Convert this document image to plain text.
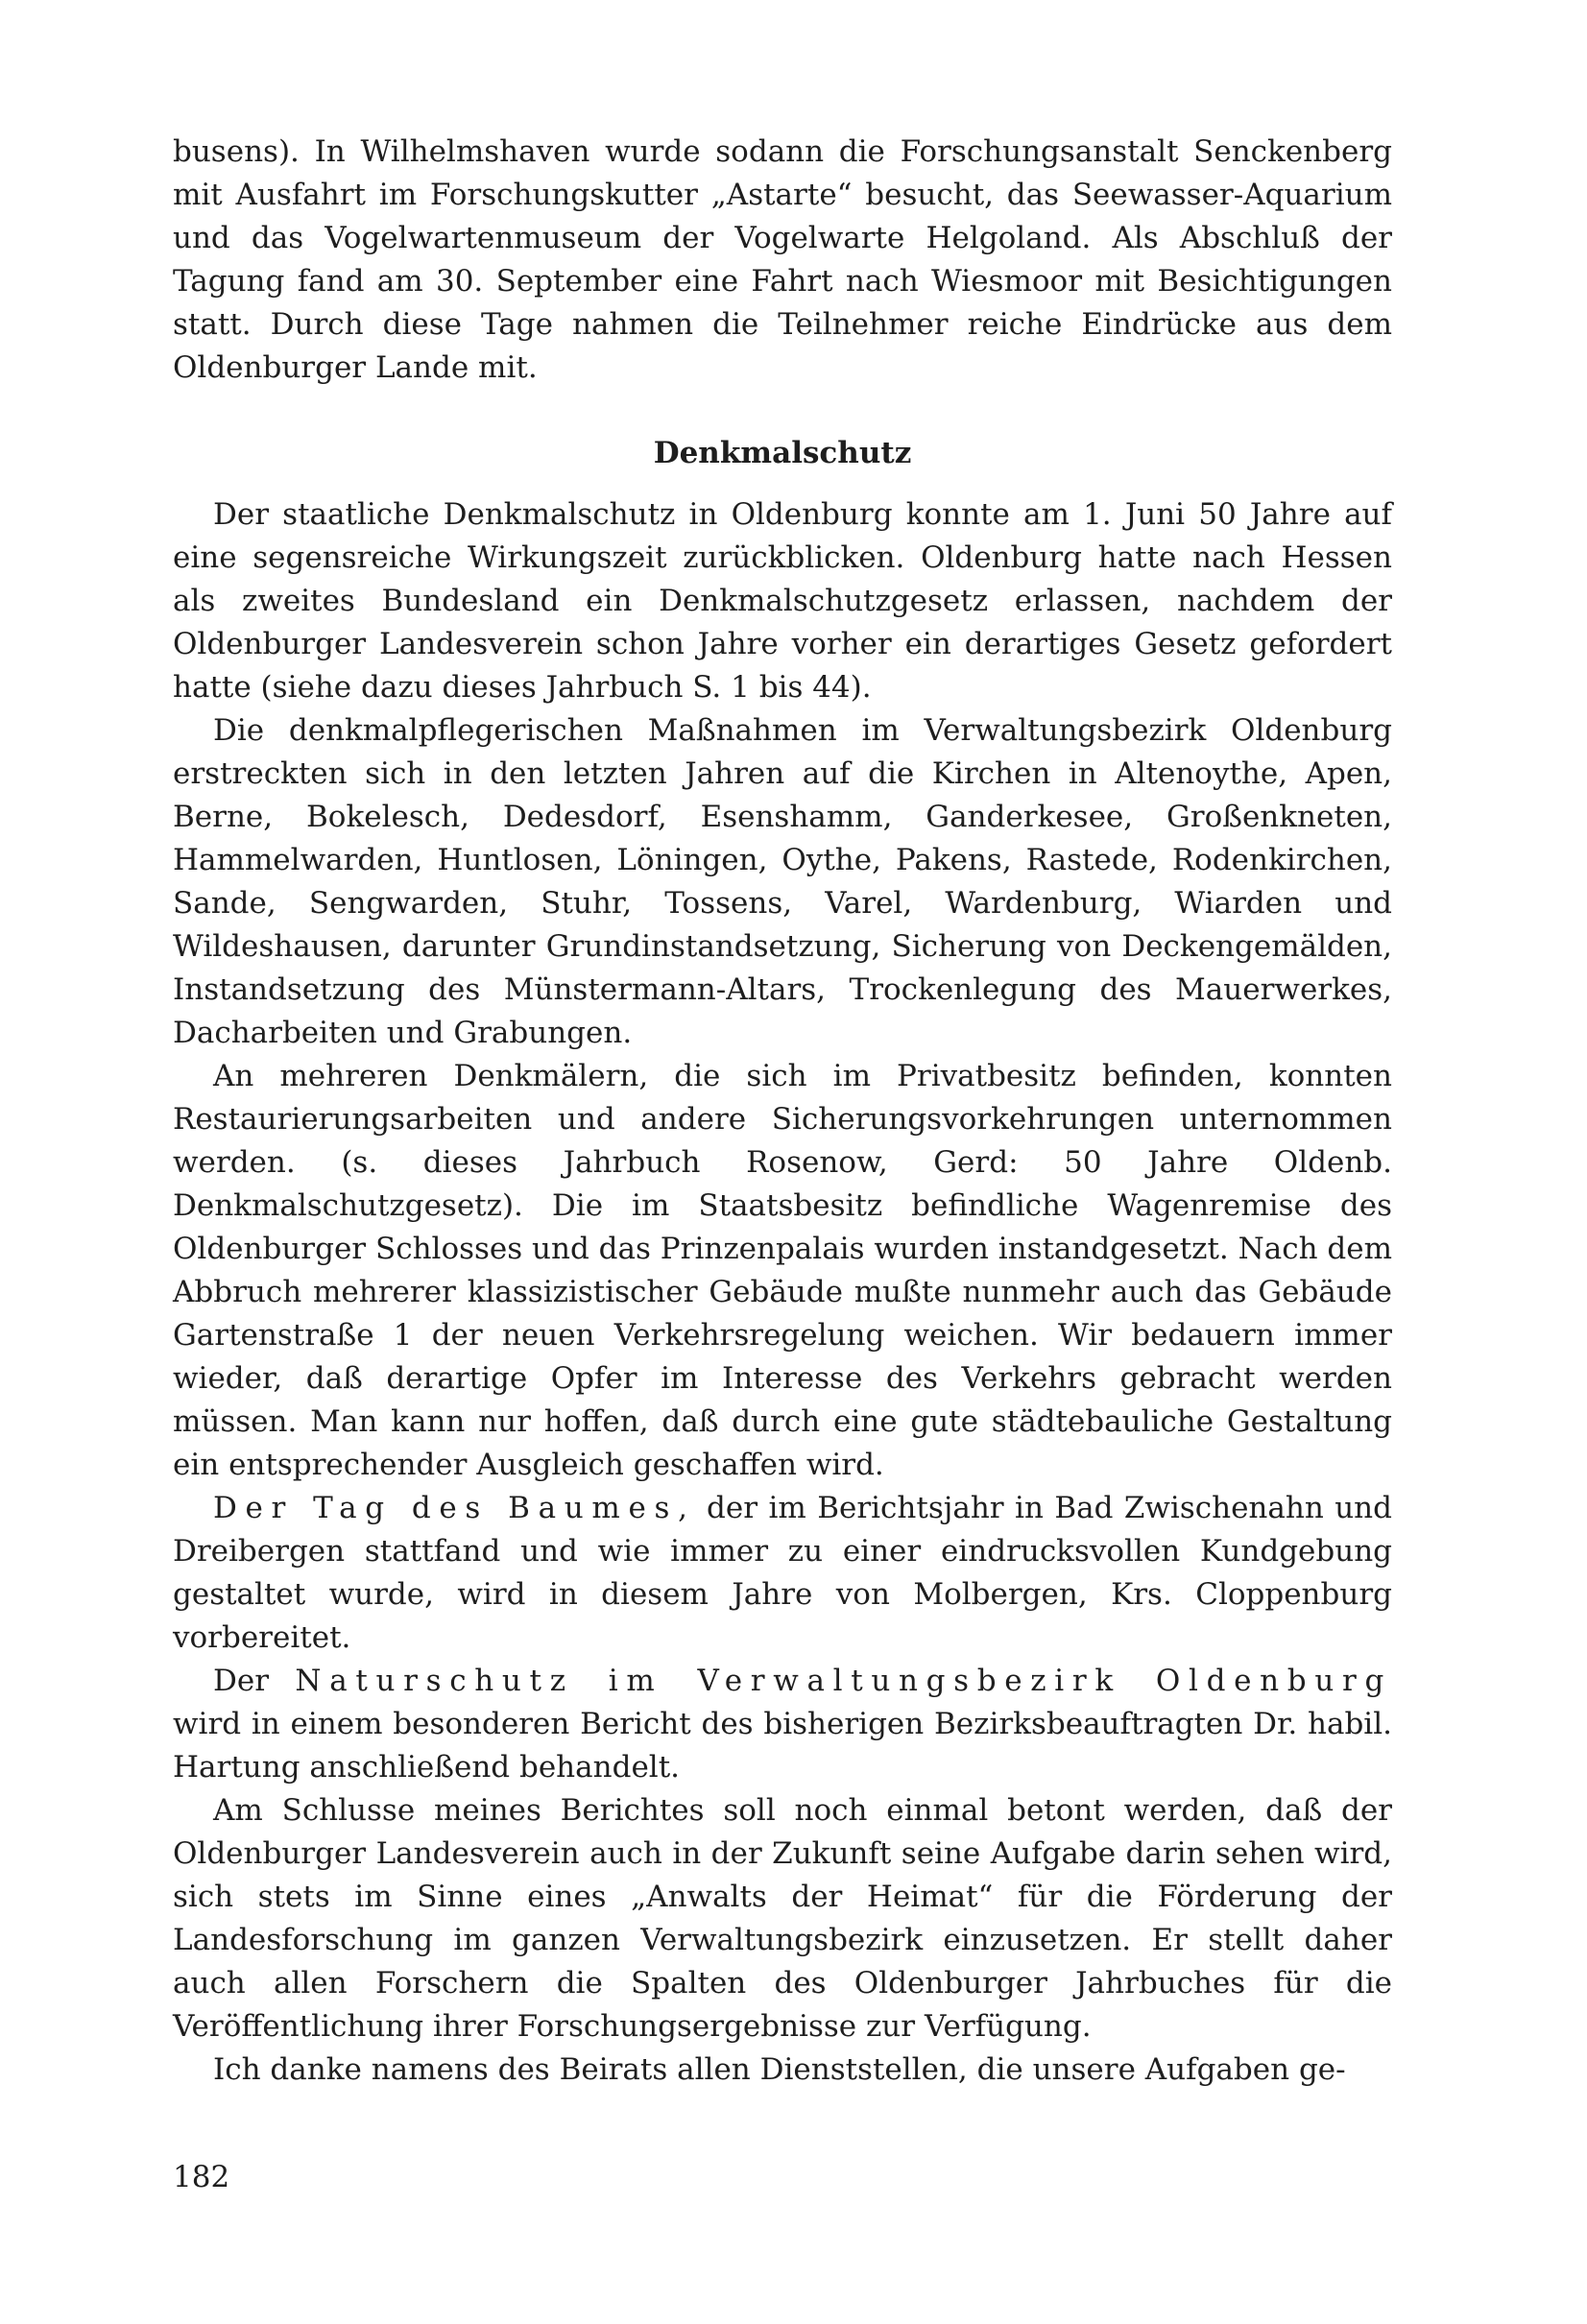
busens). In Wilhelmshaven wurde sodann die Forschungsanstalt Senckenberg mit Ausfahrt im Forschungskutter „Astarte“ besucht, das Seewasser-Aquarium und das Vogelwartenmuseum der Vogelwarte Helgoland. Als Abschluß der Tagung fand am 30. September eine Fahrt nach Wiesmoor mit Besichtigungen statt. Durch diese Tage nahmen die Teilnehmer reiche Eindrücke aus dem Oldenburger Lande mit.

Denkmalschutz

Der staatliche Denkmalschutz in Oldenburg konnte am 1. Juni 50 Jahre auf eine segensreiche Wirkungszeit zurückblicken. Oldenburg hatte nach Hessen als zweites Bundesland ein Denkmalschutzgesetz erlassen, nachdem der Oldenburger Landesverein schon Jahre vorher ein derartiges Gesetz gefordert hatte (siehe dazu dieses Jahrbuch S. 1 bis 44).

Die denkmalpflegerischen Maßnahmen im Verwaltungsbezirk Oldenburg erstreckten sich in den letzten Jahren auf die Kirchen in Altenoythe, Apen, Berne, Bokelesch, Dedesdorf, Esenshamm, Ganderkesee, Großenkneten, Hammelwarden, Huntlosen, Löningen, Oythe, Pakens, Rastede, Rodenkirchen, Sande, Sengwarden, Stuhr, Tossens, Varel, Wardenburg, Wiarden und Wildeshausen, darunter Grundinstandsetzung, Sicherung von Deckengemälden, Instandsetzung des Münstermann-Altars, Trockenlegung des Mauerwerkes, Dacharbeiten und Grabungen.

An mehreren Denkmälern, die sich im Privatbesitz befinden, konnten Restaurierungsarbeiten und andere Sicherungsvorkehrungen unternommen werden. (s. dieses Jahrbuch Rosenow, Gerd: 50 Jahre Oldenb. Denkmalschutzgesetz). Die im Staatsbesitz befindliche Wagenremise des Oldenburger Schlosses und das Prinzenpalais wurden instandgesetzt. Nach dem Abbruch mehrerer klassizistischer Gebäude mußte nunmehr auch das Gebäude Gartenstraße 1 der neuen Verkehrsregelung weichen. Wir bedauern immer wieder, daß derartige Opfer im Interesse des Verkehrs gebracht werden müssen. Man kann nur hoffen, daß durch eine gute städtebauliche Gestaltung ein entsprechender Ausgleich geschaffen wird.

Der Tag des Baumes, der im Berichtsjahr in Bad Zwischenahn und Dreibergen stattfand und wie immer zu einer eindrucksvollen Kundgebung gestaltet wurde, wird in diesem Jahre von Molbergen, Krs. Cloppenburg vorbereitet.

Der Naturschutz im Verwaltungsbezirk Oldenburg wird in einem besonderen Bericht des bisherigen Bezirksbeauftragten Dr. habil. Hartung anschließend behandelt.

Am Schlusse meines Berichtes soll noch einmal betont werden, daß der Oldenburger Landesverein auch in der Zukunft seine Aufgabe darin sehen wird, sich stets im Sinne eines „Anwalts der Heimat“ für die Förderung der Landesforschung im ganzen Verwaltungsbezirk einzusetzen. Er stellt daher auch allen Forschern die Spalten des Oldenburger Jahrbuches für die Veröffentlichung ihrer Forschungsergebnisse zur Verfügung.

Ich danke namens des Beirats allen Dienststellen, die unsere Aufgaben ge-

182
